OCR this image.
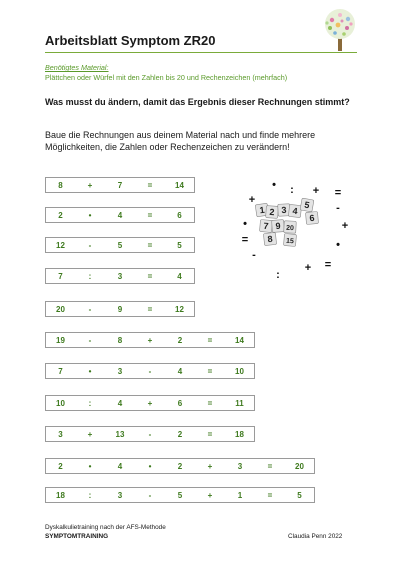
Arbeitsblatt Symptom ZR20
Benötigtes Material:
Plättchen oder Würfel mit den Zahlen bis 20 und Rechenzeichen (mehrfach)
Was musst du ändern, damit das Ergebnis dieser Rechnungen stimmt?
Baue die Rechnungen aus deinem Material nach und finde mehrere Möglichkeiten, die Zahlen oder Rechenzeichen zu verändern!
8	+	7	=	14
2	•	4	=	6
12	-	5	=	5
7	:	3	=	4
20	-	9	=	12
19	-	8	+	2	=	14
7	•	3	-	4	=	10
10	:	4	+	6	=	11
3	+	13	-	2	=	18
2	•	4	•	2	+	3	=	20
18	:	3	-	5	+	1	=	5
1 2 3 4
5
6
7 9 20
8 15
• : + =
+
-
•	+
=	•
-
:
+ =
Dyskalkulietraining nach der AFS-Methode
SYMPTOMTRAINING	Claudia Penn 2022
